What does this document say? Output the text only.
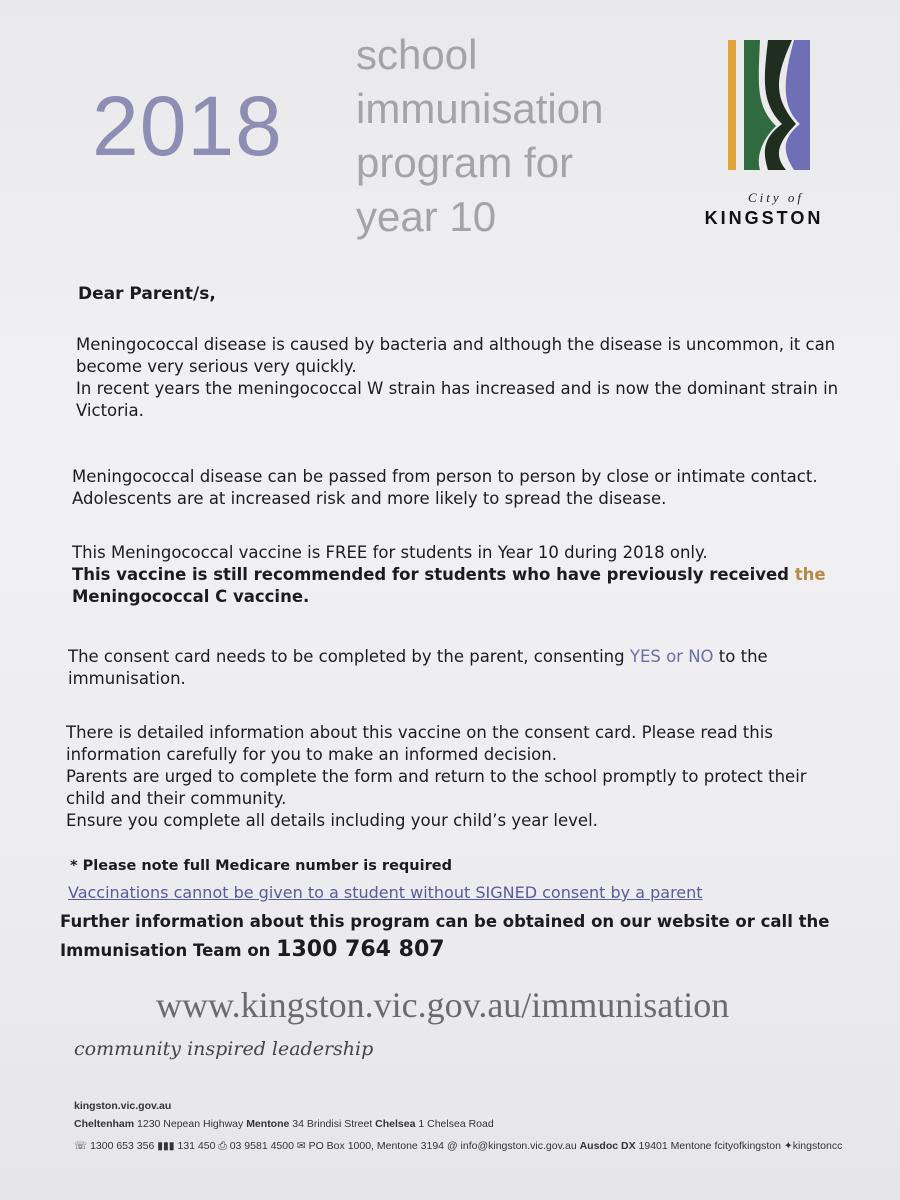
2018
school
immunisation
program for
year 10	City of
KINGSTON
Dear Parent/s,
Meningococcal disease is caused by bacteria and although the disease is uncommon, it can become very serious very quickly.
In recent years the meningococcal W strain has increased and is now the dominant strain in Victoria.
Meningococcal disease can be passed from person to person by close or intimate contact. Adolescents are at increased risk and more likely to spread the disease.
This Meningococcal vaccine is FREE for students in Year 10 during 2018 only.
This vaccine is still recommended for students who have previously received the Meningococcal C vaccine.
The consent card needs to be completed by the parent, consenting YES or NO to the immunisation.
There is detailed information about this vaccine on the consent card. Please read this information carefully for you to make an informed decision.
Parents are urged to complete the form and return to the school promptly to protect their child and their community.
Ensure you complete all details including your child’s year level.
* Please note full Medicare number is required
Vaccinations cannot be given to a student without SIGNED consent by a parent
Further information about this program can be obtained on our website or call the Immunisation Team on 1300 764 807
www.kingston.vic.gov.au/immunisation
community inspired leadership
kingston.vic.gov.au
Cheltenham 1230 Nepean Highway Mentone 34 Brindisi Street Chelsea 1 Chelsea Road
☏ 1300 653 356 ▮▮▮ 131 450 ⎙ 03 9581 4500 ✉ PO Box 1000, Mentone 3194 @ info@kingston.vic.gov.au Ausdoc DX 19401 Mentone fcityofkingston ✦kingstoncc
